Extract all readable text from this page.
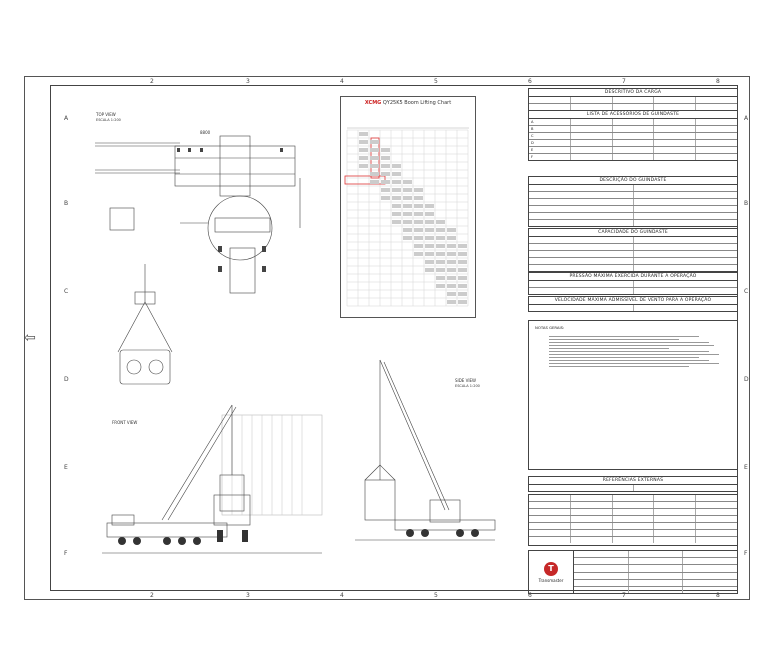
⇦
2	3	4	5	6	7	8
2	3	4	5	6	7	8
A
B
C
D
E
F
A
B
C
D
E
F
TOP VIEW
ESCALA 1:200
8800
XCMG QY25K5 Boom Lifting Chart
DESCRITIVO DA CARGA
LISTA DE ACESSÓRIOS DE GUINDASTE
A
B
C
D
E
F
DESCRIÇÃO DO GUINDASTE
CAPACIDADE DO GUINDASTE
PRESSÃO MÁXIMA EXERCIDA DURANTE A OPERAÇÃO
VELOCIDADE MÁXIMA ADMISSÍVEL DE VENTO PARA A OPERAÇÃO
NOTAS GERAIS:
REFERÊNCIAS EXTERNAS
T
Transmaster
FRONT VIEW
SIDE VIEW
ESCALA 1:200
